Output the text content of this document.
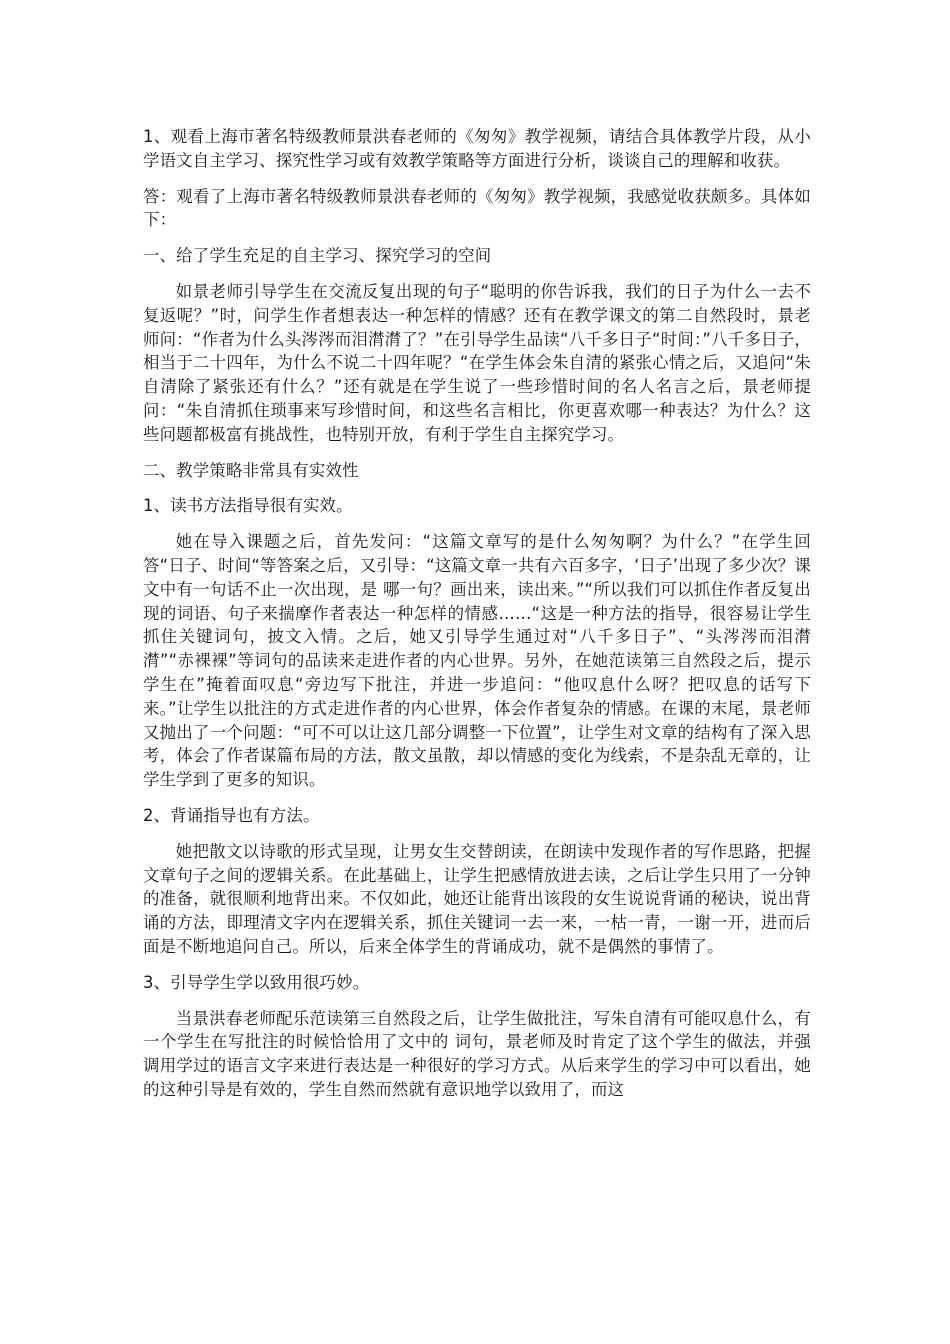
1、观看上海市著名特级教师景洪春老师的《匆匆》教学视频，请结合具体教学片段，从小学语文自主学习、探究性学习或有效教学策略等方面进行分析，谈谈自己的理解和收获。

答：观看了上海市著名特级教师景洪春老师的《匆匆》教学视频，我感觉收获颇多。具体如下：

一、给了学生充足的自主学习、探究学习的空间

如景老师引导学生在交流反复出现的句子“聪明的你告诉我，我们的日子为什么一去不复返呢？”时，问学生作者想表达一种怎样的情感？还有在教学课文的第二自然段时，景老师问：“作者为什么头涔涔而泪潸潸了？”在引导学生品读“八千多日子“时间：”八千多日子，相当于二十四年，为什么不说二十四年呢？“在学生体会朱自清的紧张心情之后，又追问“朱自清除了紧张还有什么？”还有就是在学生说了一些珍惜时间的名人名言之后，景老师提问：“朱自清抓住琐事来写珍惜时间，和这些名言相比，你更喜欢哪一种表达？为什么？这些问题都极富有挑战性，也特别开放，有利于学生自主探究学习。

二、教学策略非常具有实效性

1、读书方法指导很有实效。

她在导入课题之后，首先发问：“这篇文章写的是什么匆匆啊？为什么？”在学生回答“日子、时间“等答案之后，又引导：“这篇文章一共有六百多字，‘日子’出现了多少次？课文中有一句话不止一次出现，是 哪一句？画出来，读出来。”“所以我们可以抓住作者反复出现的词语、句子来揣摩作者表达一种怎样的情感……“这是一种方法的指导，很容易让学生抓住关键词句，披文入情。之后，她又引导学生通过对“八千多日子”、“头涔涔而泪潸潸”“赤裸裸”等词句的品读来走进作者的内心世界。另外，在她范读第三自然段之后，提示学生在”掩着面叹息“旁边写下批注，并进一步追问：“他叹息什么呀？把叹息的话写下来。”让学生以批注的方式走进作者的内心世界，体会作者复杂的情感。在课的末尾，景老师又抛出了一个问题：“可不可以让这几部分调整一下位置”，让学生对文章的结构有了深入思考，体会了作者谋篇布局的方法，散文虽散，却以情感的变化为线索，不是杂乱无章的，让学生学到了更多的知识。

2、背诵指导也有方法。

她把散文以诗歌的形式呈现，让男女生交替朗读，在朗读中发现作者的写作思路，把握文章句子之间的逻辑关系。在此基础上，让学生把感情放进去读，之后让学生只用了一分钟的准备，就很顺利地背出来。不仅如此，她还让能背出该段的女生说说背诵的秘诀，说出背诵的方法，即理清文字内在逻辑关系，抓住关键词一去一来，一枯一青，一谢一开，进而后面是不断地追问自己。所以，后来全体学生的背诵成功，就不是偶然的事情了。

3、引导学生学以致用很巧妙。

当景洪春老师配乐范读第三自然段之后，让学生做批注，写朱自清有可能叹息什么，有一个学生在写批注的时候恰恰用了文中的 词句，景老师及时肯定了这个学生的做法，并强调用学过的语言文字来进行表达是一种很好的学习方式。从后来学生的学习中可以看出，她的这种引导是有效的，学生自然而然就有意识地学以致用了，而这
